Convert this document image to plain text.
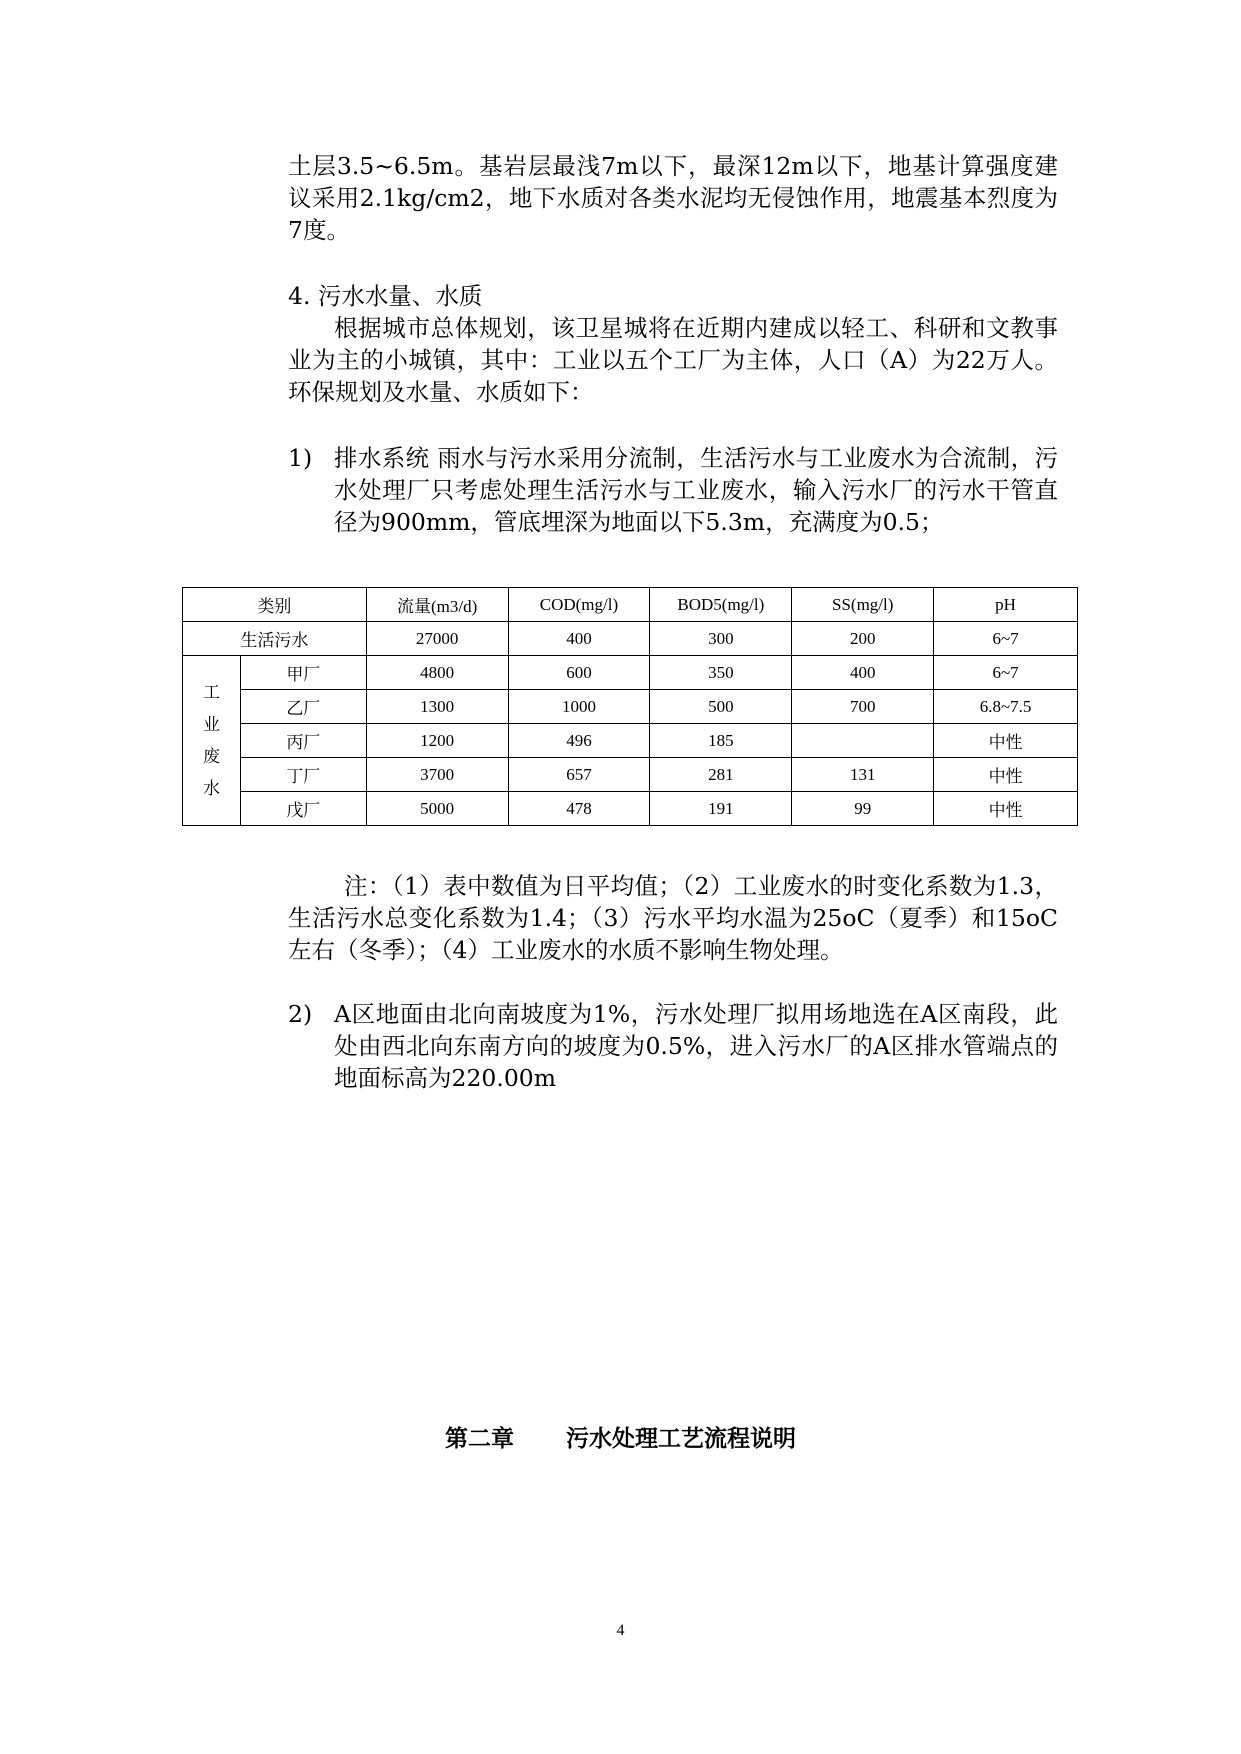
土层3.5~6.5m。基岩层最浅7m以下，最深12m以下，地基计算强度建议采用2.1kg/cm2，地下水质对各类水泥均无侵蚀作用，地震基本烈度为7度。

4. 污水水量、水质

根据城市总体规划，该卫星城将在近期内建成以轻工、科研和文教事业为主的小城镇，其中：工业以五个工厂为主体，人口（A）为22万人。环保规划及水量、水质如下：

1) 排水系统 雨水与污水采用分流制，生活污水与工业废水为合流制，污水处理厂只考虑处理生活污水与工业废水，输入污水厂的污水干管直径为900mm，管底埋深为地面以下5.3m，充满度为0.5；
类别		流量(m3/d)	COD(mg/l)	BOD5(mg/l)	SS(mg/l)	pH
生活污水		27000	400	300	200	6~7

工
业
废
水	甲厂	4800	600	350	400	6~7
	乙厂	1300	1000	500	700	6.8~7.5
	丙厂	1200	496	185		中性
	丁厂	3700	657	281	131	中性
	戊厂	5000	478	191	99	中性

注：（1）表中数值为日平均值；（2）工业废水的时变化系数为1.3，生活污水总变化系数为1.4；（3）污水平均水温为25oC（夏季）和15oC左右（冬季）；（4）工业废水的水质不影响生物处理。

2) A区地面由北向南坡度为1%，污水处理厂拟用场地选在A区南段，此处由西北向东南方向的坡度为0.5%，进入污水厂的A区排水管端点的地面标高为220.00m
第二章 污水处理工艺流程说明
4
